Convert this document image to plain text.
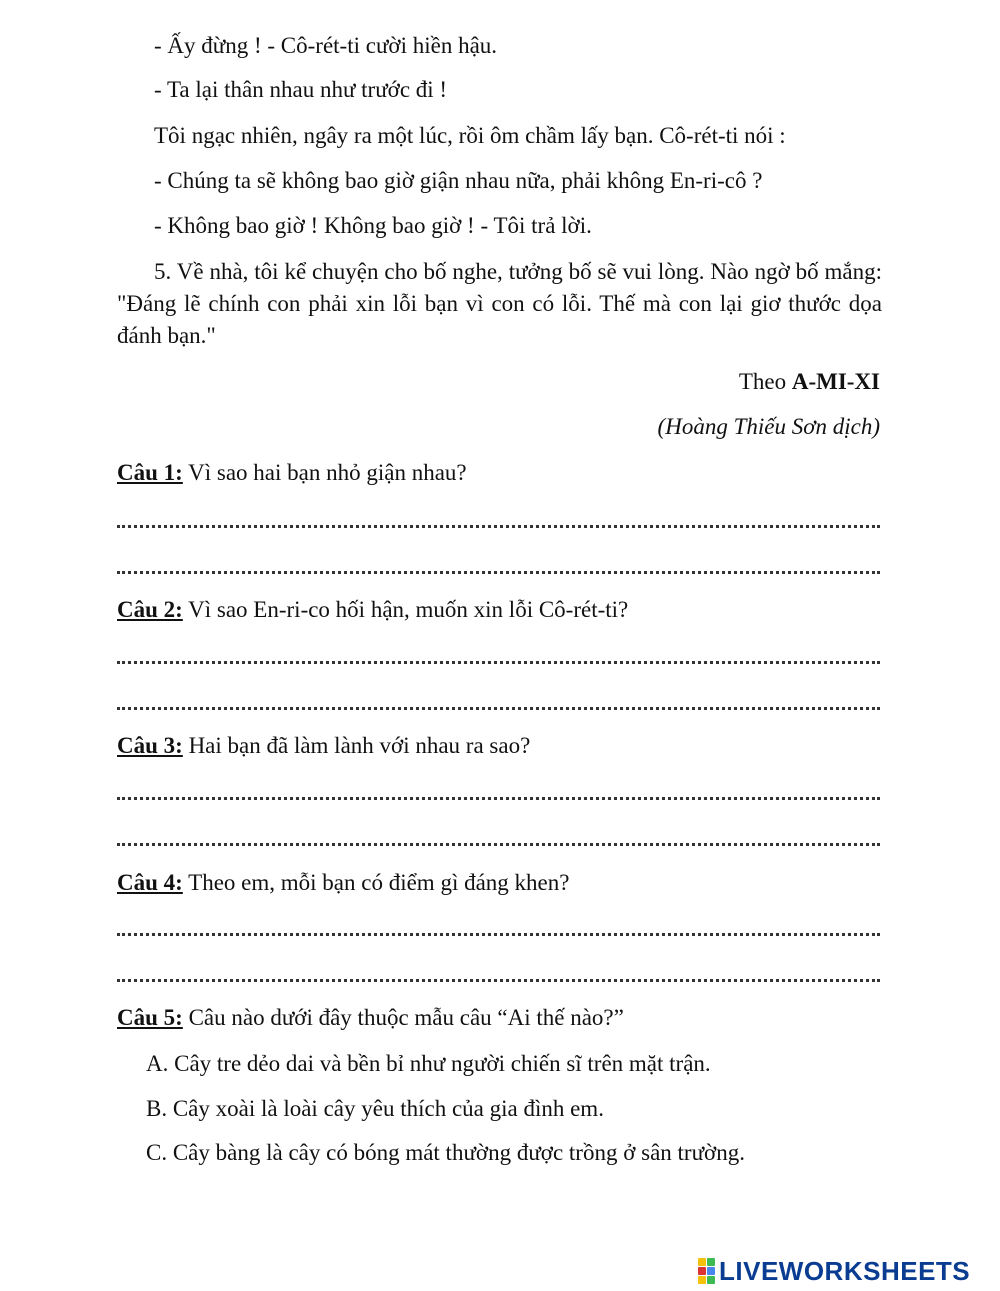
- Ấy đừng ! - Cô-rét-ti cười hiền hậu.
- Ta lại thân nhau như trước đi !
Tôi ngạc nhiên, ngây ra một lúc, rồi ôm chầm lấy bạn. Cô-rét-ti nói :
- Chúng ta sẽ không bao giờ giận nhau nữa, phải không En-ri-cô ?
- Không bao giờ ! Không bao giờ ! - Tôi trả lời.
5. Về nhà, tôi kể chuyện cho bố nghe, tưởng bố sẽ vui lòng. Nào ngờ bố mắng: "Đáng lẽ chính con phải xin lỗi bạn vì con có lỗi. Thế mà con lại giơ thước dọa đánh bạn."
Theo A-MI-XI
(Hoàng Thiếu Sơn dịch)
Câu 1: Vì sao hai bạn nhỏ giận nhau?
Câu 2: Vì sao En-ri-co hối hận, muốn xin lỗi Cô-rét-ti?
Câu 3: Hai bạn đã làm lành với nhau ra sao?
Câu 4: Theo em, mỗi bạn có điểm gì đáng khen?
Câu 5: Câu nào dưới đây thuộc mẫu câu “Ai thế nào?”
A. Cây tre dẻo dai và bền bỉ như người chiến sĩ trên mặt trận.
B. Cây xoài là loài cây yêu thích của gia đình em.
C. Cây bàng là cây có bóng mát thường được trồng ở sân trường.
LIVEWORKSHEETS
